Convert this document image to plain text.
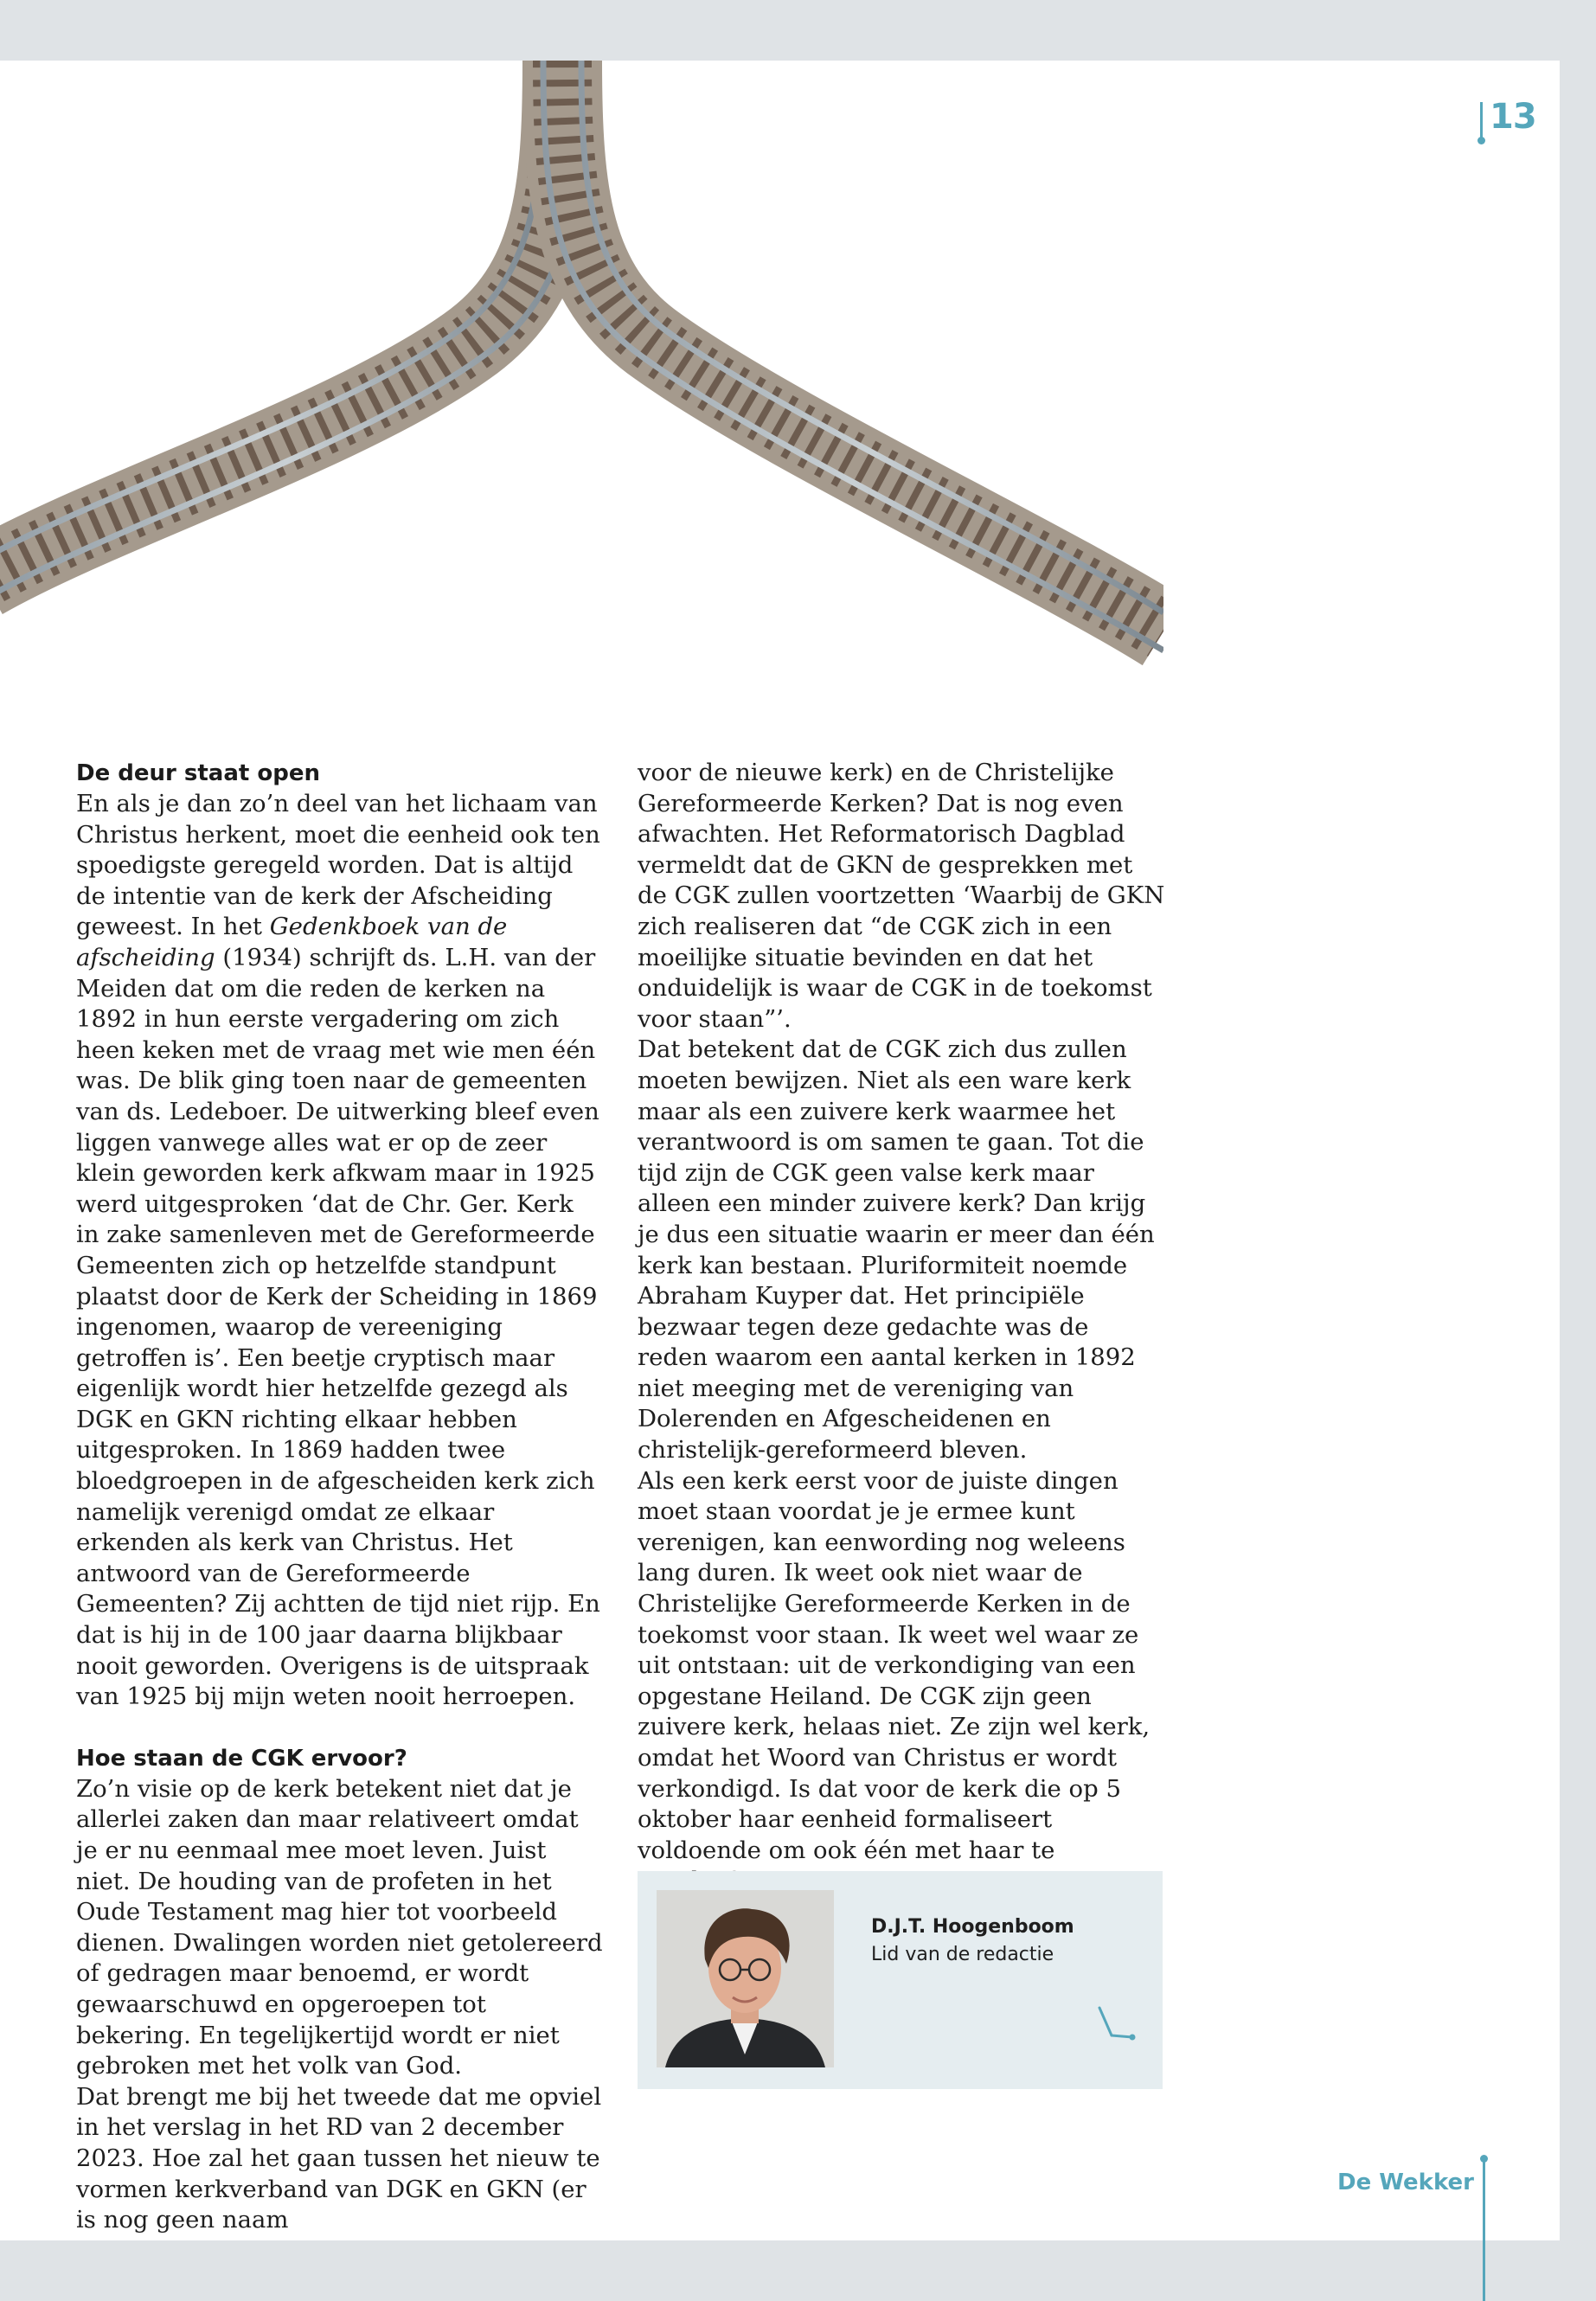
13
De deur staat open

En als je dan zo’n deel van het lichaam van Christus herkent, moet die eenheid ook ten spoedigste geregeld worden. Dat is altijd de intentie van de kerk der Afscheiding geweest. In het Gedenkboek van de afscheiding (1934) schrijft ds. L.H. van der Meiden dat om die reden de kerken na 1892 in hun eerste vergadering om zich heen keken met de vraag met wie men één was. De blik ging toen naar de gemeenten van ds. Ledeboer. De uitwerking bleef even liggen vanwege alles wat er op de zeer klein geworden kerk afkwam maar in 1925 werd uitgesproken ‘dat de Chr. Ger. Kerk in zake samenleven met de Gereformeerde Gemeenten zich op hetzelfde standpunt plaatst door de Kerk der Scheiding in 1869 ingenomen, waarop de vereeniging getroffen is’. Een beetje cryptisch maar eigenlijk wordt hier hetzelfde gezegd als DGK en GKN richting elkaar hebben uitgesproken. In 1869 hadden twee bloedgroepen in de afgescheiden kerk zich namelijk verenigd omdat ze elkaar erkenden als kerk van Christus. Het antwoord van de Gereformeerde Gemeenten? Zij achtten de tijd niet rijp. En dat is hij in de 100 jaar daarna blijkbaar nooit geworden. Overigens is de uitspraak van 1925 bij mijn weten nooit herroepen.

Hoe staan de CGK ervoor?

Zo’n visie op de kerk betekent niet dat je allerlei zaken dan maar relativeert omdat je er nu eenmaal mee moet leven. Juist niet. De houding van de profeten in het Oude Testament mag hier tot voorbeeld dienen. Dwalingen worden niet getolereerd of gedragen maar benoemd, er wordt gewaarschuwd en opgeroepen tot bekering. En tegelijkertijd wordt er niet gebroken met het volk van God.

Dat brengt me bij het tweede dat me opviel in het verslag in het RD van 2 december 2023. Hoe zal het gaan tussen het nieuw te vormen kerkverband van DGK en GKN (er is nog geen naam

voor de nieuwe kerk) en de Christelijke Gereformeerde Kerken? Dat is nog even afwachten. Het Reformatorisch Dagblad vermeldt dat de GKN de gesprekken met de CGK zullen voortzetten ‘Waarbij de GKN zich realiseren dat “de CGK zich in een moeilijke situatie bevinden en dat het onduidelijk is waar de CGK in de toekomst voor staan”’.

Dat betekent dat de CGK zich dus zullen moeten bewijzen. Niet als een ware kerk maar als een zuivere kerk waarmee het verantwoord is om samen te gaan. Tot die tijd zijn de CGK geen valse kerk maar alleen een minder zuivere kerk? Dan krijg je dus een situatie waarin er meer dan één kerk kan bestaan. Pluriformiteit noemde Abraham Kuyper dat. Het principiële bezwaar tegen deze gedachte was de reden waarom een aantal kerken in 1892 niet meeging met de vereniging van Dolerenden en Afgescheidenen en christelijk-gereformeerd bleven.

Als een kerk eerst voor de juiste dingen moet staan voordat je je ermee kunt verenigen, kan eenwording nog weleens lang duren. Ik weet ook niet waar de Christelijke Gereformeerde Kerken in de toekomst voor staan. Ik weet wel waar ze uit ontstaan: uit de verkondiging van een opgestane Heiland. De CGK zijn geen zuivere kerk, helaas niet. Ze zijn wel kerk, omdat het Woord van Christus er wordt verkondigd. Is dat voor de kerk die op 5 oktober haar eenheid formaliseert voldoende om ook één met haar te

D.J.T. Hoogenboom
Lid van de redactie
De Wekker
